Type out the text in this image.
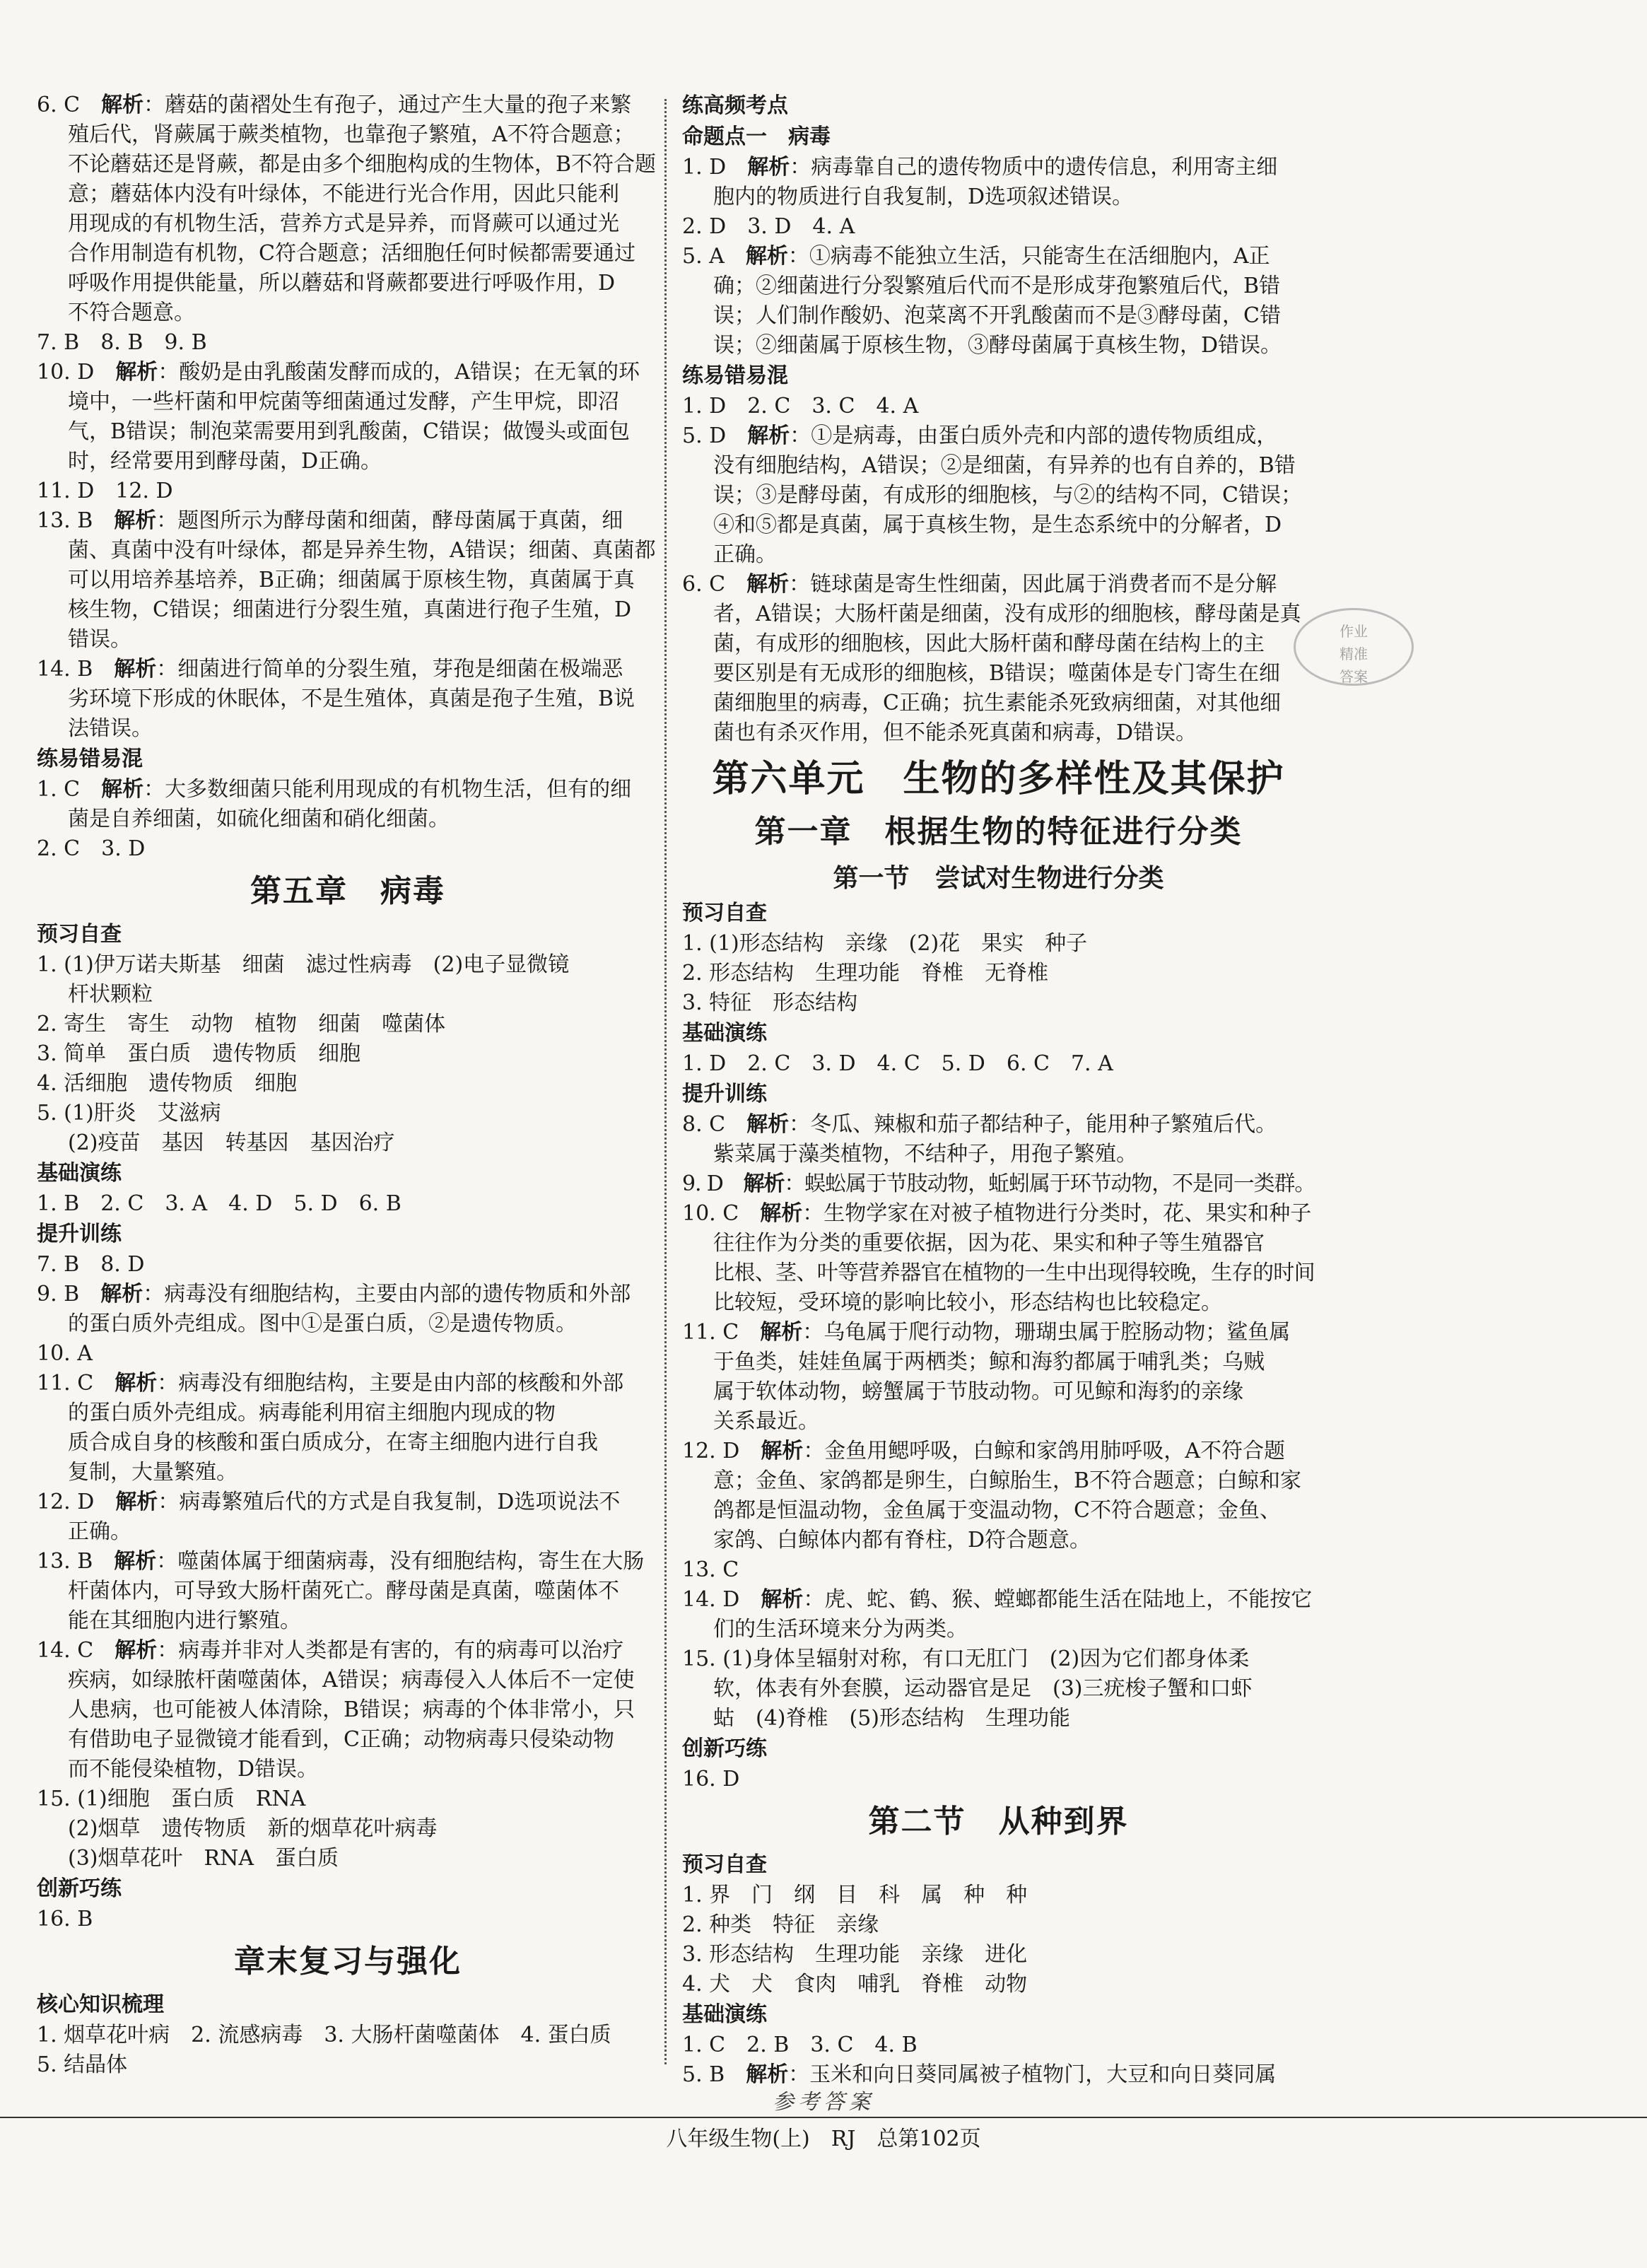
6. C　解析：蘑菇的菌褶处生有孢子，通过产生大量的孢子来繁
殖后代，肾蕨属于蕨类植物，也靠孢子繁殖，A不符合题意；
不论蘑菇还是肾蕨，都是由多个细胞构成的生物体，B不符合题
意；蘑菇体内没有叶绿体，不能进行光合作用，因此只能利
用现成的有机物生活，营养方式是异养，而肾蕨可以通过光
合作用制造有机物，C符合题意；活细胞任何时候都需要通过
呼吸作用提供能量，所以蘑菇和肾蕨都要进行呼吸作用，D
不符合题意。
7. B　8. B　9. B
10. D　解析：酸奶是由乳酸菌发酵而成的，A错误；在无氧的环
境中，一些杆菌和甲烷菌等细菌通过发酵，产生甲烷，即沼
气，B错误；制泡菜需要用到乳酸菌，C错误；做馒头或面包
时，经常要用到酵母菌，D正确。
11. D　12. D
13. B　解析：题图所示为酵母菌和细菌，酵母菌属于真菌，细
菌、真菌中没有叶绿体，都是异养生物，A错误；细菌、真菌都
可以用培养基培养，B正确；细菌属于原核生物，真菌属于真
核生物，C错误；细菌进行分裂生殖，真菌进行孢子生殖，D
错误。
14. B　解析：细菌进行简单的分裂生殖，芽孢是细菌在极端恶
劣环境下形成的休眠体，不是生殖体，真菌是孢子生殖，B说
法错误。
练易错易混
1. C　解析：大多数细菌只能利用现成的有机物生活，但有的细
菌是自养细菌，如硫化细菌和硝化细菌。
2. C　3. D
第五章　病毒
预习自查
1. (1)伊万诺夫斯基　细菌　滤过性病毒　(2)电子显微镜
杆状颗粒
2. 寄生　寄生　动物　植物　细菌　噬菌体
3. 简单　蛋白质　遗传物质　细胞
4. 活细胞　遗传物质　细胞
5. (1)肝炎　艾滋病
(2)疫苗　基因　转基因　基因治疗
基础演练
1. B　2. C　3. A　4. D　5. D　6. B
提升训练
7. B　8. D
9. B　解析：病毒没有细胞结构，主要由内部的遗传物质和外部
的蛋白质外壳组成。图中①是蛋白质，②是遗传物质。
10. A
11. C　解析：病毒没有细胞结构，主要是由内部的核酸和外部
的蛋白质外壳组成。病毒能利用宿主细胞内现成的物
质合成自身的核酸和蛋白质成分，在寄主细胞内进行自我
复制，大量繁殖。
12. D　解析：病毒繁殖后代的方式是自我复制，D选项说法不
正确。
13. B　解析：噬菌体属于细菌病毒，没有细胞结构，寄生在大肠
杆菌体内，可导致大肠杆菌死亡。酵母菌是真菌，噬菌体不
能在其细胞内进行繁殖。
14. C　解析：病毒并非对人类都是有害的，有的病毒可以治疗
疾病，如绿脓杆菌噬菌体，A错误；病毒侵入人体后不一定使
人患病，也可能被人体清除，B错误；病毒的个体非常小，只
有借助电子显微镜才能看到，C正确；动物病毒只侵染动物
而不能侵染植物，D错误。
15. (1)细胞　蛋白质　RNA
(2)烟草　遗传物质　新的烟草花叶病毒
(3)烟草花叶　RNA　蛋白质
创新巧练
16. B
章末复习与强化
核心知识梳理
1. 烟草花叶病　2. 流感病毒　3. 大肠杆菌噬菌体　4. 蛋白质
5. 结晶体
练高频考点
命题点一　病毒
1. D　解析：病毒靠自己的遗传物质中的遗传信息，利用寄主细
胞内的物质进行自我复制，D选项叙述错误。
2. D　3. D　4. A
5. A　解析：①病毒不能独立生活，只能寄生在活细胞内，A正
确；②细菌进行分裂繁殖后代而不是形成芽孢繁殖后代，B错
误；人们制作酸奶、泡菜离不开乳酸菌而不是③酵母菌，C错
误；②细菌属于原核生物，③酵母菌属于真核生物，D错误。
练易错易混
1. D　2. C　3. C　4. A
5. D　解析：①是病毒，由蛋白质外壳和内部的遗传物质组成，
没有细胞结构，A错误；②是细菌，有异养的也有自养的，B错
误；③是酵母菌，有成形的细胞核，与②的结构不同，C错误；
④和⑤都是真菌，属于真核生物，是生态系统中的分解者，D
正确。
6. C　解析：链球菌是寄生性细菌，因此属于消费者而不是分解
者，A错误；大肠杆菌是细菌，没有成形的细胞核，酵母菌是真
菌，有成形的细胞核，因此大肠杆菌和酵母菌在结构上的主
要区别是有无成形的细胞核，B错误；噬菌体是专门寄生在细
菌细胞里的病毒，C正确；抗生素能杀死致病细菌，对其他细
菌也有杀灭作用，但不能杀死真菌和病毒，D错误。
第六单元　生物的多样性及其保护
第一章　根据生物的特征进行分类
第一节　尝试对生物进行分类
预习自查
1. (1)形态结构　亲缘　(2)花　果实　种子
2. 形态结构　生理功能　脊椎　无脊椎
3. 特征　形态结构
基础演练
1. D　2. C　3. D　4. C　5. D　6. C　7. A
提升训练
8. C　解析：冬瓜、辣椒和茄子都结种子，能用种子繁殖后代。
紫菜属于藻类植物，不结种子，用孢子繁殖。
9. D　解析：蜈蚣属于节肢动物，蚯蚓属于环节动物，不是同一类群。
10. C　解析：生物学家在对被子植物进行分类时，花、果实和种子
往往作为分类的重要依据，因为花、果实和种子等生殖器官
比根、茎、叶等营养器官在植物的一生中出现得较晚，生存的时间
比较短，受环境的影响比较小，形态结构也比较稳定。
11. C　解析：乌龟属于爬行动物，珊瑚虫属于腔肠动物；鲨鱼属
于鱼类，娃娃鱼属于两栖类；鲸和海豹都属于哺乳类；乌贼
属于软体动物，螃蟹属于节肢动物。可见鲸和海豹的亲缘
关系最近。
12. D　解析：金鱼用鳃呼吸，白鲸和家鸽用肺呼吸，A不符合题
意；金鱼、家鸽都是卵生，白鲸胎生，B不符合题意；白鲸和家
鸽都是恒温动物，金鱼属于变温动物，C不符合题意；金鱼、
家鸽、白鲸体内都有脊柱，D符合题意。
13. C
14. D　解析：虎、蛇、鹤、猴、螳螂都能生活在陆地上，不能按它
们的生活环境来分为两类。
15. (1)身体呈辐射对称，有口无肛门　(2)因为它们都身体柔
软，体表有外套膜，运动器官是足　(3)三疣梭子蟹和口虾
蛄　(4)脊椎　(5)形态结构　生理功能
创新巧练
16. D
第二节　从种到界
预习自查
1. 界　门　纲　目　科　属　种　种
2. 种类　特征　亲缘
3. 形态结构　生理功能　亲缘　进化
4. 犬　犬　食肉　哺乳　脊椎　动物
基础演练
1. C　2. B　3. C　4. B
5. B　解析：玉米和向日葵同属被子植物门，大豆和向日葵同属
作业
精准
答案
参考答案
八年级生物(上)　RJ　总第102页
